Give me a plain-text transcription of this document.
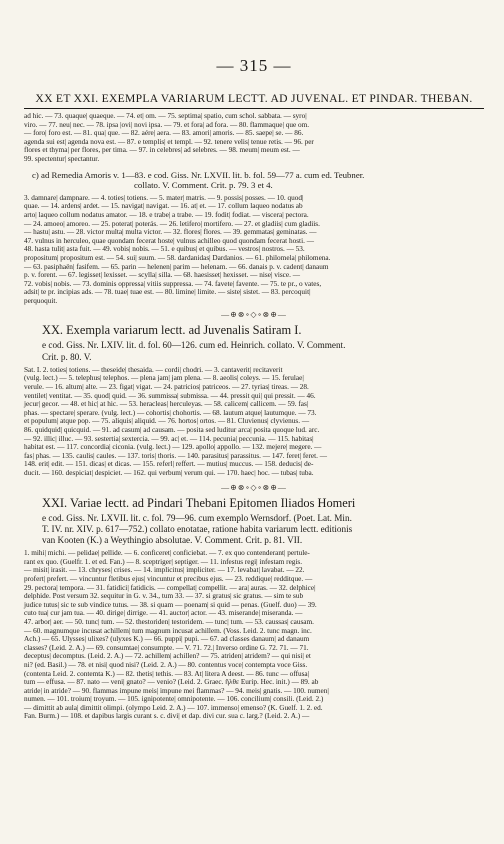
— 315 —
XX ET XXI. EXEMPLA VARIARUM LECTT. AD JUVENAL. ET PINDAR. THEBAN.

ad hic. — 73. quaque| quaeque. — 74. et| om. — 75. septima| spatio, cum schol. sabbata. — syro|

viro. — 77. neu| nec. — 78. ipsa |ovi| novi ipsa. — 79. et fora| ad fora. — 80. flammaque| que om.

— foro| foro est. — 81. qua| que. — 82. aére| aera. — 83. amori| amoris. — 85. saepe| se. — 86.

agenda sui est| agenda nova est. — 87. e templis| et templ. — 92. tenere velis| tenue retis. — 96. per

flores et thyma| per flores, per tima. — 97. in celebres| ad selebres. — 98. meum| meum est. —

99. spectentur| spectantur.

c) ad Remedia Amoris v. 1—83. e cod. Giss. Nr. LXVII. lit. b. fol. 59—77 a. cum ed. Teubner.
collato. V. Comment. Crit. p. 79. 3 et 4.

3. damnare| dampnare. — 4. toties| totiens. — 5. mater| matris. — 9. possis| posses. — 10. quod|

quae. — 14. ardens| ardet. — 15. navigat| navigat. — 16. at| et. — 17. collum laqueo nodatus ab

arto| laqueo collum nodatus amator. — 18. e trabe| a trabe. — 19. fodit| fodiat. — viscera| pectora.

— 24. amoeo| amoreo. — 25. poterat| poterás. — 26. letifero| mortifero. — 27. et gladiis| cum gladiis.

— hastu| astu. — 28. victor multa| multa victor. — 32. flores| flores. — 39. gemmatas| geminatas. —

47. vulnus in herculeo, quae quondam fecerat hoste| vulnus achilleo quod quondam fecerat hosti. —

48. hasta tulit| asta fuit. — 49. vobis| nobis. — 51. e quibus| et quibus. — vestros| nostros. — 53.

propositum| propositum est. — 54. sui| suum. — 58. dardanidas| Dardanios. — 61. philomela| philomena.

— 63. pasiphaën| fasifem. — 65. parin — helenen| parim — helenam. — 66. danais p. v. cadent| danaum

p. v. forent. — 67. legisset| lexisset. — scylla| silla. — 68. haesisset| hexisset. — nise| visce. —

72. vobis| nobis. — 73. dominis oppressa| vitiis suppressa. — 74. favete| favente. — 75. te pr., o vates,

adsit| te pr. incipias ads. — 78. tuae| tuae est. — 80. limine| limite. — siste| sistet. — 83. percoquit|

perquoquit.

—⊕⊗∘◇∘⊗⊕—
XX. Exempla variarum lectt. ad Juvenalis Satiram I.
e cod. Giss. Nr. LXIV. lit. d. fol. 60—126. cum ed. Heinrich. collato. V. Comment.
Crit. p. 80. V.

Sat. I. 2. toties| totiens. — theseide| thesaida. — cordi| chodri. — 3. cantaverit| recitaverit

(vulg. lect.) — 5. telephus| telephos. — plena jam| jam plena. — 8. aeolis| coleys. — 15. ferulae|

verule. — 16. altum| alte. — 23. figat| vigat. — 24. patricios| patriceos. — 27. tyrias| tireas. — 28.

ventilet| ventitat. — 35. quod| quid. — 36. summissa| submissa. — 44. pressit qui| qui pressit. — 46.

jecur| gecor. — 48. et hic| at hic. — 53. heracleas| herculeyas. — 58. calicem| callicem. — 59. fas|

phas. — spectare| sperare. (vulg. lect.) — cohortis| chohortis. — 68. lautum atque| lautumque. — 73.

et populum| atque pop. — 75. aliquis| aliquid. — 76. hortos| ortos. — 81. Cluvienus| clyvienus. —

86. quidquid| quicquid. — 91. ad casum| ad causam. — posita sed luditur arca| posita quoque lud. arc.

— 92. illic| illuc. — 93. sestertia| sexterciа. — 99. ac| et. — 114. pecunia| peccunia. — 115. habitas|

habitat est. — 117. concordia| ciconia. (vulg. lect.) — 129. apollo| appollo. — 132. mejere| megere. —

fas| phas. — 135. caulis| caules. — 137. toris| thoris. — 140. parasitus| parassitus. — 147. feret| feret. —

148. erit| edit. — 151. dicas| et dicas. — 155. referl| reffert. — mutius| muccus. — 158. deducis| de-

ducit. — 160. despiciat| despiciet. — 162. qui verbum| verum qui. — 170. haec| hoc. — tubas| tuba.

—⊕⊗∘◇∘⊗⊕—
XXI. Variae lectt. ad Pindari Thebani Epitomen Iliados Homeri
e cod. Giss. Nr. LXVII. lit. c. fol. 79—96. cum exemplo Wernsdorf. (Poet. Lat. Min.
T. IV. nr. XIV. p. 617—752.) collato enotatae, ratione habita variarum lectt. editionis
van Kooten (K.) a Weythingio absolutae. V. Comment. Crit. p. 81. VII.

1. mihi| michi. — pelidae| pellide. — 6. conficeret| conficiebat. — 7. ex quo contenderant| pertule-

rant ex quo. (Guelfr. 1. et ed. Fan.) — 8. sceptriger| septiger. — 11. infestus regi| infestam regis.

— misit| irasit. — 13. chryses| crises. — 14. implicitus| impliciter. — 17. levabat| lavabat. — 22.

profert| prefert. — vincuntur fletibus ejus| vincuntur et precibus ejus. — 23. reddique| redditque. —

29. pectora| tempora. — 31. fatidici| fatidicis. — compellat| compellit. — ara| auras. — 32. delphice|

delphide. Post versum 32. sequitur in G. v. 34., tum 33. — 37. si gratus| sic gratus. — sim te sub

judice tutus| sic te sub vindice tutus. — 38. si quam — poenam| si quid — penas. (Guelf. duo) — 39.

cuto tua| cur jam tua. — 40. dirige| dirrige. — 41. auctor| actor. — 43. miserande| miseranda. —

47. arbor| aer. — 50. tunc| tum. — 52. thestoriden| testoridem. — tunc| tum. — 53. caussas| causam.

— 60. magnumque incusat achillem| tum magnum incusat achillem. (Voss. Leid. 2. tunc magn. inc.

Ach.) — 65. Ulysses| ulixes? (ulyxes K.) — 66. puppi| pupi. — 67. ad classes danaum| ad danaum

classes? (Leid. 2. A.) — 69. consumtae| consumpte. — V. 71. 72.| Inverso ordine G. 72. 71. — 71.

deceptus| decomptus. (Leid. 2. A.) — 72. achillem| achillen? — 75. atriden| atridem? — qui nisi| et

ni? (ed. Basil.) — 78. et nisi| quod nisi? (Leid. 2. A.) — 80. contentus voce| contempta voce Giss.

(contenta Leid. 2. contemta K.) — 82. thetis| tethis. — 83. At| litera A deest. — 86. tunc — offusa|

tum — effusa. — 87. nato — veni| gnato? — venio? (Leid. 2. Graec. ἥλθε Eurip. Hec. init.) — 89. ab

atride| in atride? — 90. flammas impune meis| impune mei flammas? — 94. meis| gnatis. — 100. numen|

numen. — 101. troium| troyum. — 105. ignipotente| omnipotente. — 106. concilium| consili. (Leid. 2.)

— dimittit ab aula| dimittit olimpi. (olympo Leid. 2. A.) — 107. immenso| emenso? (K. Guelf. 1. 2. ed.

Fan. Burm.) — 108. et dapibus largis curant s. c. divi| et dap. divi cur. sua c. larg.? (Leid. 2. A.) —
